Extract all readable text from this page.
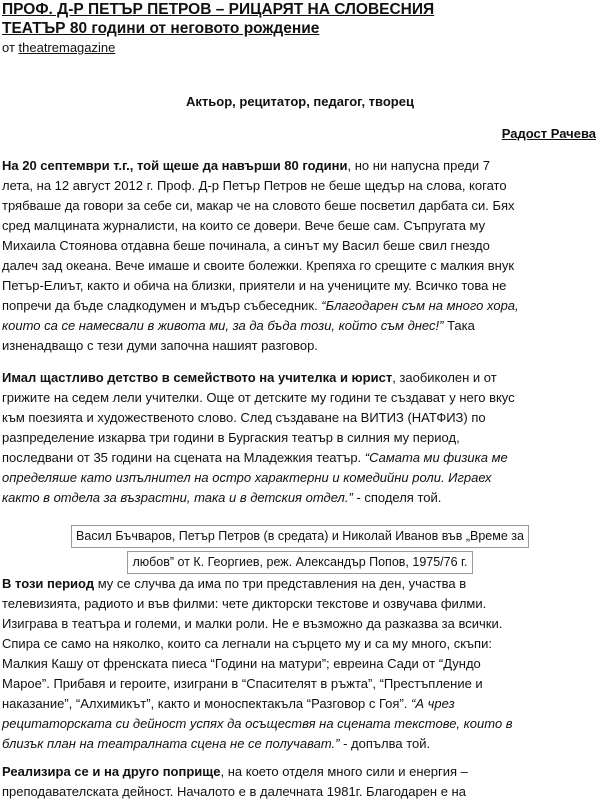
ПРОФ. Д-Р ПЕТЪР ПЕТРОВ – РИЦАРЯТ НА СЛОВЕСНИЯ
ТЕАТЪР 80 години от неговото рождение
от theatremagazine
Актьор, рецитатор, педагог, творец
Радост Рачева

На 20 септември т.г., той щеше да навърши 80 години, но ни напусна преди 7
лета, на 12 август 2012 г. Проф. Д-р Петър Петров не беше щедър на слова, когато
трябваше да говори за себе си, макар че на словото беше посветил дарбата си. Бях
сред малцината журналисти, на които се довери. Вече беше сам. Съпругата му
Михаила Стоянова отдавна беше починала, а синът му Васил беше свил гнездо
далеч зад океана. Вече имаше и своите болежки. Крепяха го срещите с малкия внук
Петър-Елиът, както и обича на близки, приятели и на учениците му. Всичко това не
попречи да бъде сладкодумен и мъдър събеседник. “Благодарен съм на много хора,
които са се намесвали в живота ми, за да бъда този, който съм днес!” Така
изненадващо с тези думи започна нашият разговор.

Имал щастливо детство в семейството на учителка и юрист, заобиколен и от
грижите на седем лели учителки. Още от детските му години те създават у него вкус
към поезията и художественото слово. След създаване на ВИТИЗ (НАТФИЗ) по
разпределение изкарва три години в Бургаския театър в силния му период,
последвани от 35 години на сцената на Младежкия театър. “Самата ми физика ме
определяше като изпълнител на остро характерни и комедийни роли. Играех
както в отдела за възрастни, така и в детския отдел.” - споделя той.

Васил Бъчваров, Петър Петров (в средата) и Николай Иванов във „Време за
любов” от К. Георгиев, реж. Александър Попов, 1975/76 г.

В този период му се случва да има по три представления на ден, участва в
телевизията, радиото и във филми: чете дикторски текстове и озвучава филми.
Изиграва в театъра и големи, и малки роли. Не е възможно да разказва за всички.
Спира се само на няколко, които са легнали на сърцето му и са му много, скъпи:
Малкия Кашу от френската пиеса “Години на матури”; евреина Сади от “Дундо
Марое”. Прибавя и героите, изиграни в “Спасителят в ръжта”, “Престъпление и
наказание”, “Алхимикът”, както и моноспектакъла “Разговор с Гоя”. “А чрез
рецитаторската си дейност успях да осъществя на сцената текстове, които в
близък план на театралната сцена не се получават.” - допълва той.

Реализира се и на друго поприще, на което отделя много сили и енергия –
преподавателската дейност. Началото е в далечната 1981г. Благодарен е на
